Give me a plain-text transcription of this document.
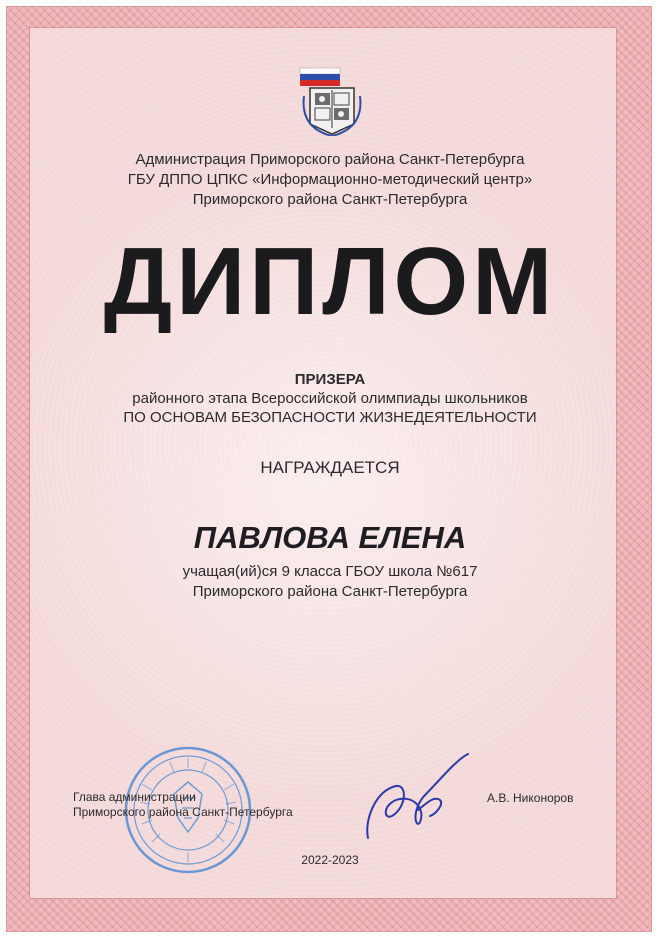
Администрация Приморского района Санкт-Петербурга
ГБУ ДППО ЦПКС «Информационно-методический центр»
Приморского района Санкт-Петербурга
ДИПЛОМ
ПРИЗЕРА
районного этапа Всероссийской олимпиады школьников
ПО ОСНОВАМ БЕЗОПАСНОСТИ ЖИЗНЕДЕЯТЕЛЬНОСТИ
НАГРАЖДАЕТСЯ
ПАВЛОВА ЕЛЕНА
учащая(ий)ся 9 класса ГБОУ школа №617
Приморского района Санкт-Петербурга
Глава администрации
Приморского района Санкт-Петербурга
А.В. Никоноров
2022-2023
